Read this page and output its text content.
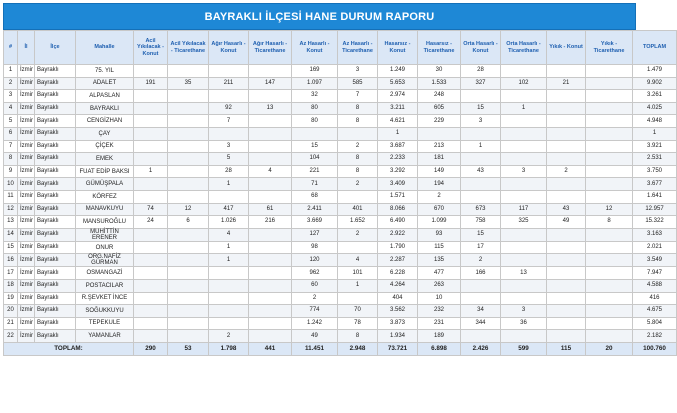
BAYRAKLI İLÇESİ HANE DURUM RAPORU
#	İl	İlçe	Mahalle	Acil Yıkılacak - Konut	Acil Yıkılacak - Ticarethane	Ağır Hasarlı - Konut	Ağır Hasarlı - Ticarethane	Az Hasarlı - Konut	Az Hasarlı - Ticarethane	Hasarsız - Konut	Hasarsız - Ticarethane	Orta Hasarlı - Konut	Orta Hasarlı - Ticarethane	Yıkık - Konut	Yıkık - Ticarethane	TOPLAM
1	İzmir	Bayraklı	75. YIL					169	3	1.249	30	28				1.479
2	İzmir	Bayraklı	ADALET	191	35	211	147	1.097	585	5.653	1.533	327	102	21		9.902
3	İzmir	Bayraklı	ALPASLAN					32	7	2.974	248					3.261
4	İzmir	Bayraklı	BAYRAKLI			92	13	80	8	3.211	605	15	1			4.025
5	İzmir	Bayraklı	CENGİZHAN			7		80	8	4.621	229	3				4.948
6	İzmir	Bayraklı	ÇAY							1						1
7	İzmir	Bayraklı	ÇİÇEK			3		15	2	3.687	213	1				3.921
8	İzmir	Bayraklı	EMEK			5		104	8	2.233	181					2.531
9	İzmir	Bayraklı	FUAT EDİP BAKSI	1		28	4	221	8	3.292	149	43	3	2		3.750
10	İzmir	Bayraklı	GÜMÜŞPALA			1		71	2	3.409	194					3.677
11	İzmir	Bayraklı	KÖRFEZ					68		1.571	2					1.641
12	İzmir	Bayraklı	MANAVKUYU	74	12	417	61	2.411	401	8.066	670	673	117	43	12	12.957
13	İzmir	Bayraklı	MANSUROĞLU	24	6	1.026	216	3.669	1.652	6.490	1.099	758	325	49	8	15.322
14	İzmir	Bayraklı	MUHİTTİN ERENER			4		127	2	2.922	93	15				3.163
15	İzmir	Bayraklı	ONUR			1		98		1.790	115	17				2.021
16	İzmir	Bayraklı	ORG.NAFİZ GÜRMAN			1		120	4	2.287	135	2				3.549
17	İzmir	Bayraklı	OSMANGAZİ					962	101	6.228	477	166	13			7.947
18	İzmir	Bayraklı	POSTACILAR					60	1	4.264	263					4.588
19	İzmir	Bayraklı	R.ŞEVKET İNCE					2		404	10					416
20	İzmir	Bayraklı	SOĞUKKUYU					774	70	3.562	232	34	3			4.675
21	İzmir	Bayraklı	TEPEKULE					1.242	78	3.873	231	344	36			5.804
22	İzmir	Bayraklı	YAMANLAR			2		49	8	1.934	189					2.182
TOPLAM:				290	53	1.798	441	11.451	2.948	73.721	6.898	2.426	599	115	20	100.760
